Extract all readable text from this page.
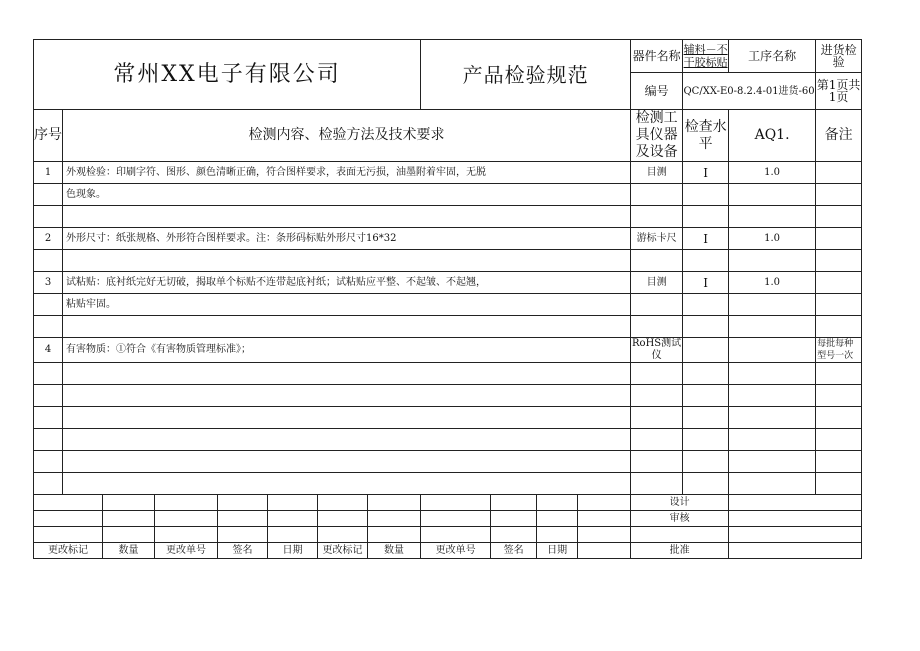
常州XX电子有限公司								产品检验规范				器件名称	辅料－不干胶标贴	工序名称	进货检验
												编号	QC/XX-E0-8.2.4-01进货-60		第1页共1页
序号	检测内容、检验方法及技术要求											检测工具仪器及设备	检查水平	AQ1.	备注
1	外观检验：印刷字符、图形、颜色清晰正确，符合图样要求，表面无污损，油墨附着牢固，无脱											目测	I	1.0	
	色现象。														

2	外形尺寸：纸张规格、外形符合图样要求。注：条形码标贴外形尺寸16*32											游标卡尺	I	1.0	

3	试粘贴：底衬纸完好无切破，揭取单个标贴不连带起底衬纸；试粘贴应平整、不起皱、不起翘，											目测	I	1.0	
	粘贴牢固。														

4	有害物质：①符合《有害物质管理标准》；											RoHS测试仪			每批每种型号一次

												设计			
												审核			

更改标记		数量	更改单号	签名	日期	更改标记	数量	更改单号	签名	日期		批准			
